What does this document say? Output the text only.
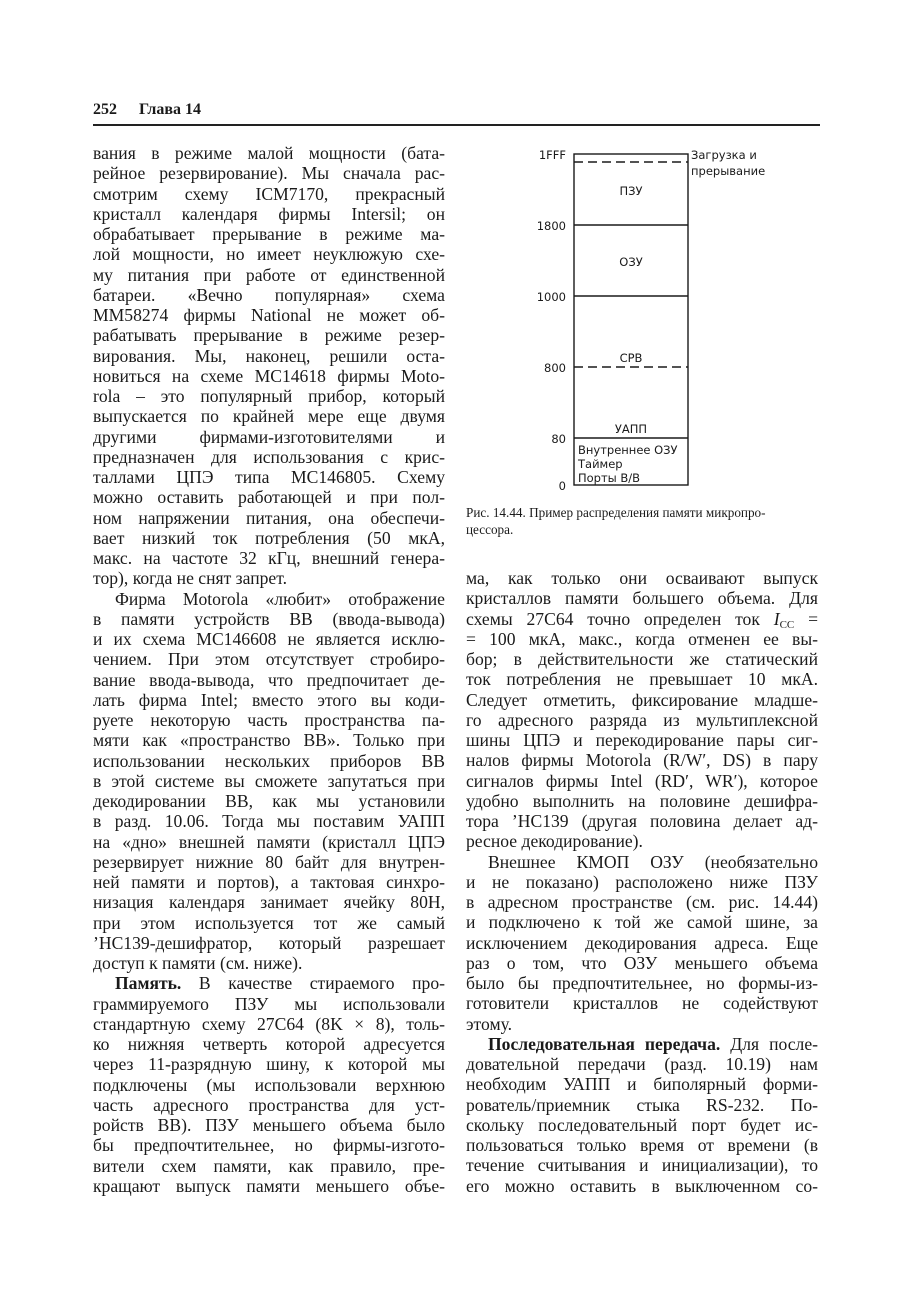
252 Глава 14
вания в режиме малой мощности (бата-
рейное резервирование). Мы сначала рас-
смотрим схему ICM7170, прекрасный
кристалл календаря фирмы Intersil; он
обрабатывает прерывание в режиме ма-
лой мощности, но имеет неуклюжую схе-
му питания при работе от единственной
батареи. «Вечно популярная» схема
MM58274 фирмы National не может об-
рабатывать прерывание в режиме резер-
вирования. Мы, наконец, решили оста-
новиться на схеме MC14618 фирмы Moto-
rola – это популярный прибор, который
выпускается по крайней мере еще двумя
другими фирмами-изготовителями и
предназначен для использования с крис-
таллами ЦПЭ типа MC146805. Схему
можно оставить работающей и при пол-
ном напряжении питания, она обеспечи-
вает низкий ток потребления (50 мкА,
макс. на частоте 32 кГц, внешний генера-
тор), когда не снят запрет.
Фирма Motorola «любит» отображение
в памяти устройств ВВ (ввода-вывода)
и их схема MC146608 не является исклю-
чением. При этом отсутствует стробиро-
вание ввода-вывода, что предпочитает де-
лать фирма Intel; вместо этого вы коди-
руете некоторую часть пространства па-
мяти как «пространство ВВ». Только при
использовании нескольких приборов ВВ
в этой системе вы сможете запутаться при
декодировании ВВ, как мы установили
в разд. 10.06. Тогда мы поставим УАПП
на «дно» внешней памяти (кристалл ЦПЭ
резервирует нижние 80 байт для внутрен-
ней памяти и портов), а тактовая синхро-
низация календаря занимает ячейку 80Н,
при этом используется тот же самый
’HC139-дешифратор, который разрешает
доступ к памяти (см. ниже).
Память. В качестве стираемого про-
граммируемого ПЗУ мы использовали
стандартную схему 27C64 (8K × 8), толь-
ко нижняя четверть которой адресуется
через 11-разрядную шину, к которой мы
подключены (мы использовали верхнюю
часть адресного пространства для уст-
ройств ВВ). ПЗУ меньшего объема было
бы предпочтительнее, но фирмы-изгото-
вители схем памяти, как правило, пре-
кращают выпуск памяти меньшего объе-
ма, как только они осваивают выпуск
кристаллов памяти большего объема. Для
схемы 27C64 точно определен ток $I_{CC}$ =
= 100 мкА, макс., когда отменен ее вы-
бор; в действительности же статический
ток потребления не превышает 10 мкА.
Следует отметить, фиксирование младше-
го адресного разряда из мультиплексной
шины ЦПЭ и перекодирование пары сиг-
налов фирмы Motorola (R/W′, DS) в пару
сигналов фирмы Intel (RD′, WR′), которое
удобно выполнить на половине дешифра-
тора ’HC139 (другая половина делает ад-
ресное декодирование).
Внешнее КМОП ОЗУ (необязательно
и не показано) расположено ниже ПЗУ
в адресном пространстве (см. рис. 14.44)
и подключено к той же самой шине, за
исключением декодирования адреса. Еще
раз о том, что ОЗУ меньшего объема
было бы предпочтительнее, но формы-из-
готовители кристаллов не содействуют
этому.
Последовательная передача. Для после-
довательной передачи (разд. 10.19) нам
необходим УАПП и биполярный форми-
рователь/приемник стыка RS-232. По-
скольку последовательный порт будет ис-
пользоваться только время от времени (в
течение считывания и инициализации), то
его можно оставить в выключенном со-
1FFF
1800
1000
800
80
0
ПЗУ
ОЗУ
СРВ
УАПП
Внутреннее ОЗУ
Таймер
Порты В/В
Загрузка и
прерывание
Рис. 14.44. Пример распределения памяти микропро-
цессора.
